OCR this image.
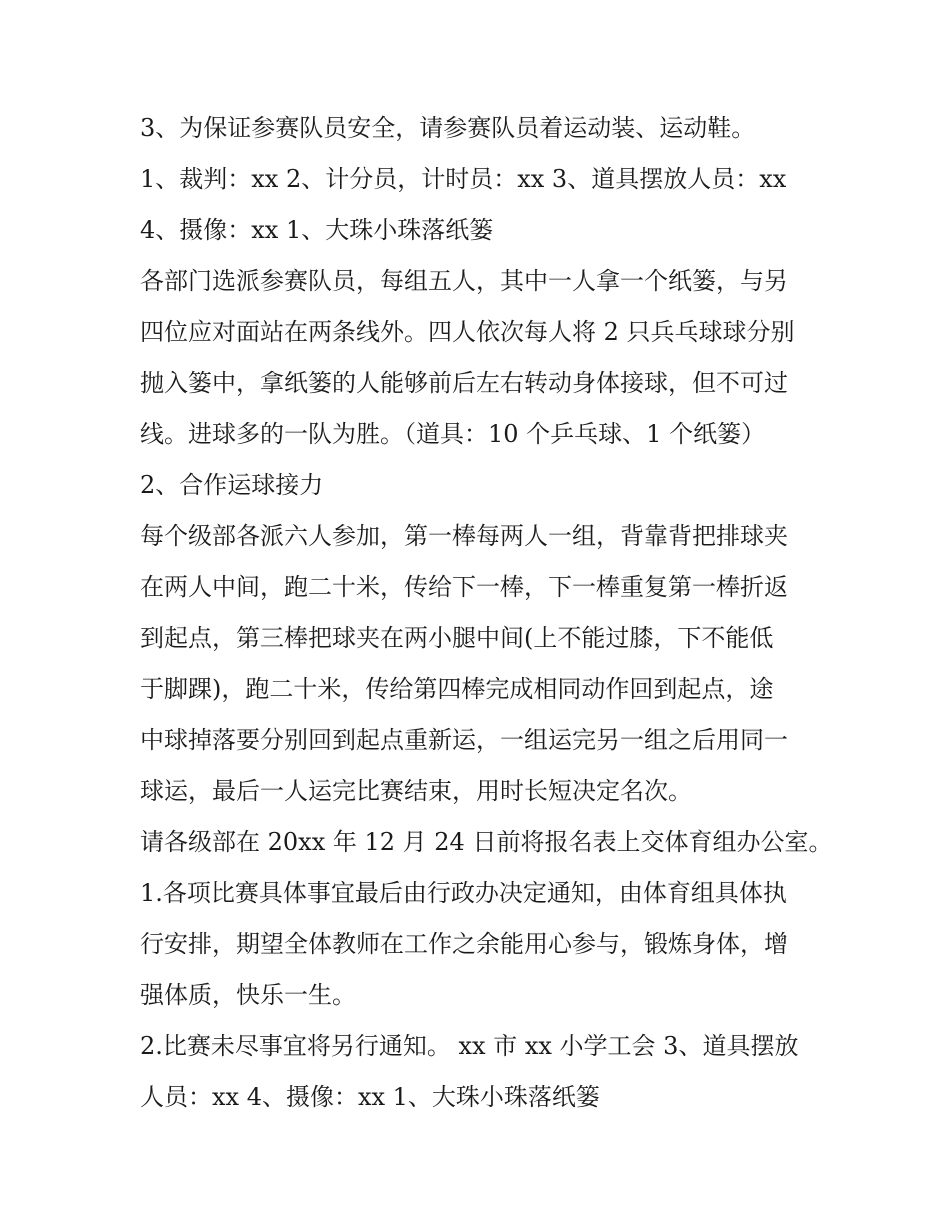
3、为保证参赛队员安全，请参赛队员着运动装、运动鞋。
1、裁判：xx 2、计分员，计时员：xx 3、道具摆放人员：xx
4、摄像：xx 1、大珠小珠落纸篓
各部门选派参赛队员，每组五人，其中一人拿一个纸篓，与另
四位应对面站在两条线外。四人依次每人将 2 只兵乓球球分别
抛入篓中，拿纸篓的人能够前后左右转动身体接球，但不可过
线。进球多的一队为胜。（道具：10 个乒乓球、1 个纸篓）
2、合作运球接力
每个级部各派六人参加，第一棒每两人一组，背靠背把排球夹
在两人中间，跑二十米，传给下一棒，下一棒重复第一棒折返
到起点，第三棒把球夹在两小腿中间(上不能过膝，下不能低
于脚踝)，跑二十米，传给第四棒完成相同动作回到起点，途
中球掉落要分别回到起点重新运，一组运完另一组之后用同一
球运，最后一人运完比赛结束，用时长短决定名次。
请各级部在 20xx 年 12 月 24 日前将报名表上交体育组办公室。
1.各项比赛具体事宜最后由行政办决定通知，由体育组具体执
行安排，期望全体教师在工作之余能用心参与，锻炼身体，增
强体质，快乐一生。
2.比赛未尽事宜将另行通知。 xx 市 xx 小学工会 3、道具摆放
人员：xx 4、摄像：xx 1、大珠小珠落纸篓
